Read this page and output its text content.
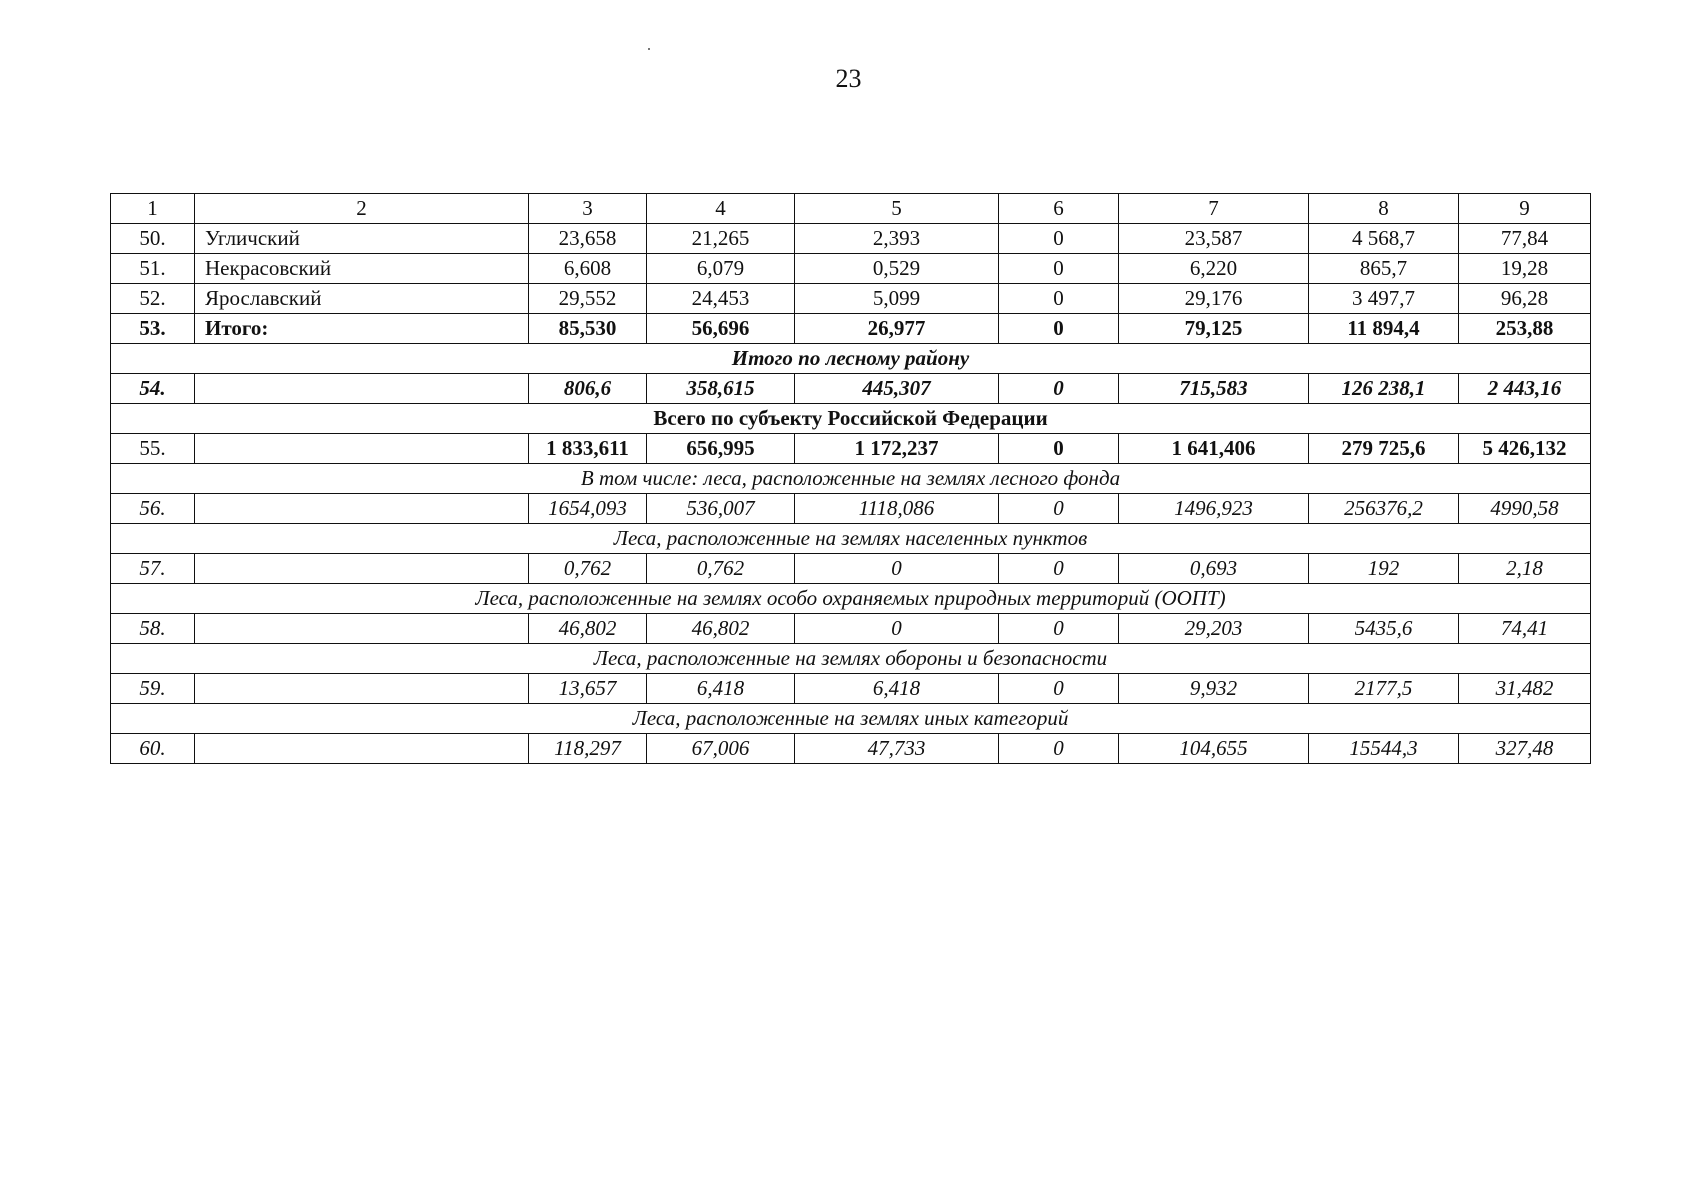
23
1	2	3	4	5	6	7	8	9
50.	Угличский	23,658	21,265	2,393	0	23,587	4 568,7	77,84
51.	Некрасовский	6,608	6,079	0,529	0	6,220	865,7	19,28
52.	Ярославский	29,552	24,453	5,099	0	29,176	3 497,7	96,28
53.	Итого:	85,530	56,696	26,977	0	79,125	11 894,4	253,88
Итого по лесному району								
54.		806,6	358,615	445,307	0	715,583	126 238,1	2 443,16
Всего по субъекту Российской Федерации								
55.		1 833,611	656,995	1 172,237	0	1 641,406	279 725,6	5 426,132
В том числе: леса, расположенные на землях лесного фонда								
56.		1654,093	536,007	1118,086	0	1496,923	256376,2	4990,58
Леса, расположенные на землях населенных пунктов								
57.		0,762	0,762	0	0	0,693	192	2,18
Леса, расположенные на землях особо охраняемых природных территорий (ООПТ)								
58.		46,802	46,802	0	0	29,203	5435,6	74,41
Леса, расположенные на землях обороны и безопасности								
59.		13,657	6,418	6,418	0	9,932	2177,5	31,482
Леса, расположенные на землях иных категорий								
60.		118,297	67,006	47,733	0	104,655	15544,3	327,48
